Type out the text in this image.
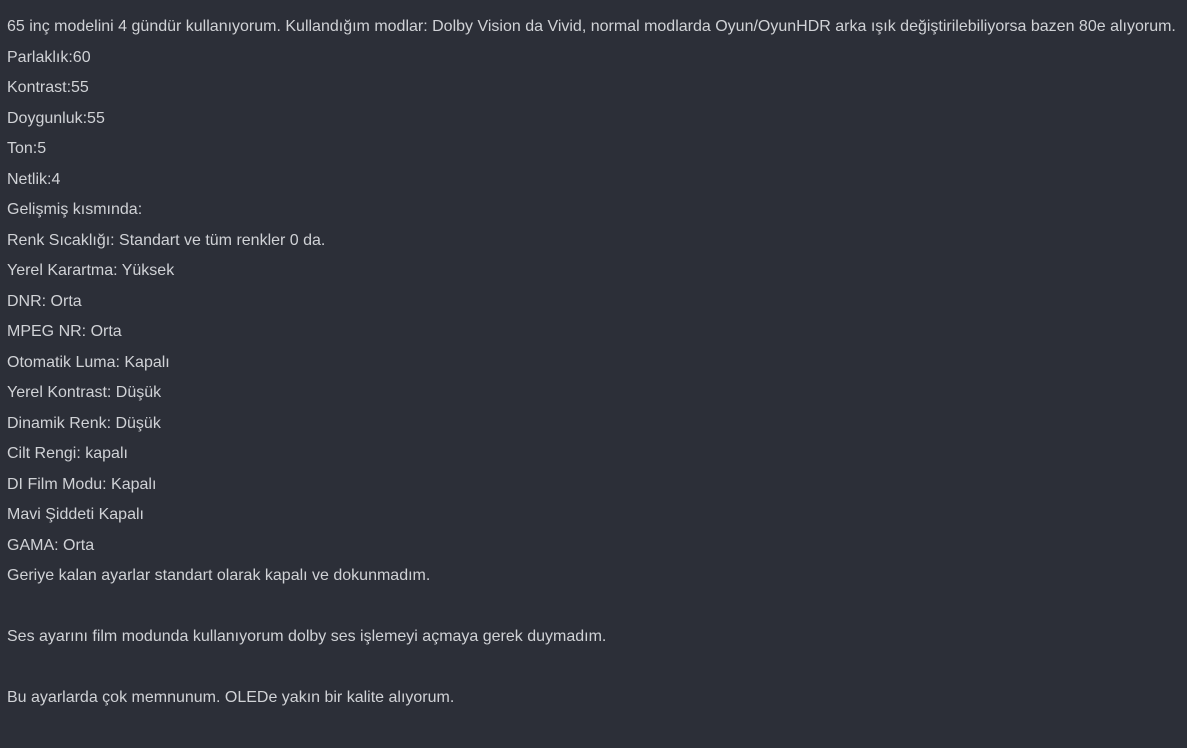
65 inç modelini 4 gündür kullanıyorum. Kullandığım modlar: Dolby Vision da Vivid, normal modlarda Oyun/OyunHDR arka ışık değiştirilebiliyorsa bazen 80e alıyorum.
Parlaklık:60
Kontrast:55
Doygunluk:55
Ton:5
Netlik:4
Gelişmiş kısmında:
Renk Sıcaklığı: Standart ve tüm renkler 0 da.
Yerel Karartma: Yüksek
DNR: Orta
MPEG NR: Orta
Otomatik Luma: Kapalı
Yerel Kontrast: Düşük
Dinamik Renk: Düşük
Cilt Rengi: kapalı
DI Film Modu: Kapalı
Mavi Şiddeti Kapalı
GAMA: Orta
Geriye kalan ayarlar standart olarak kapalı ve dokunmadım.
Ses ayarını film modunda kullanıyorum dolby ses işlemeyi açmaya gerek duymadım.
Bu ayarlarda çok memnunum. OLEDe yakın bir kalite alıyorum.
